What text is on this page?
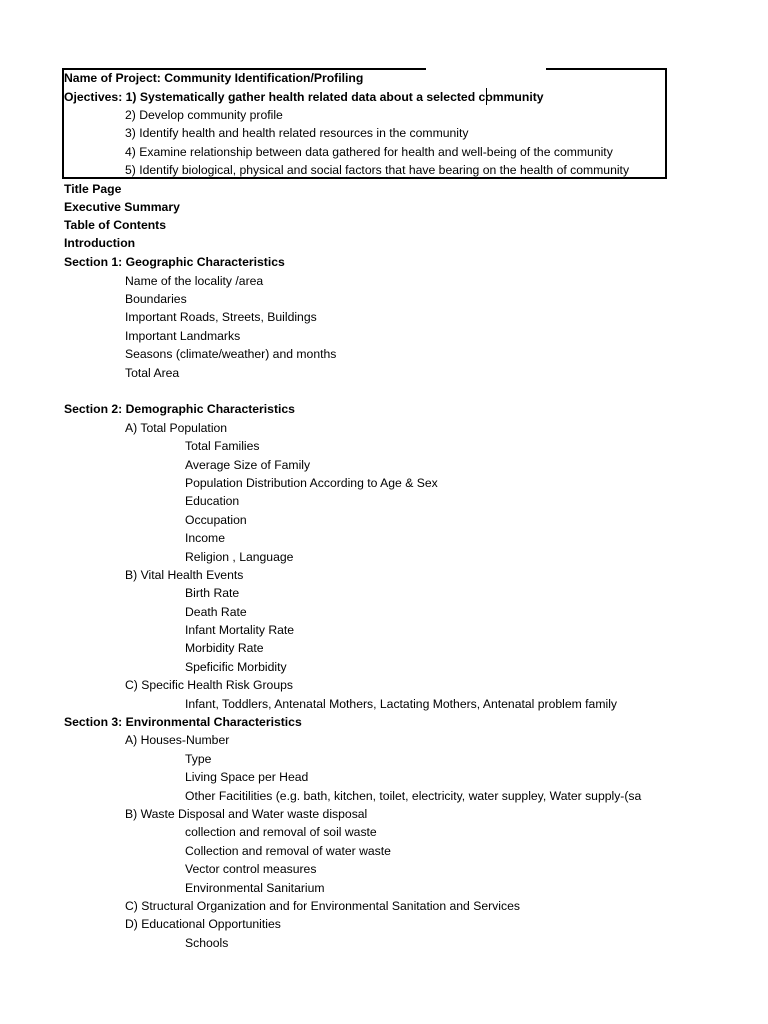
Name of Project: Community Identification/Profiling
Ojectives: 1) Systematically gather health related data about a selected community
2) Develop community profile
3) Identify health and health related resources in the community
4) Examine relationship between data gathered for health and well-being of the community
5) Identify biological, physical and social factors that have bearing on the health of community
Title Page
Executive Summary
Table of Contents
Introduction
Section 1: Geographic Characteristics
Name of the locality /area
Boundaries
Important Roads, Streets, Buildings
Important Landmarks
Seasons (climate/weather) and months
Total Area
Section 2: Demographic Characteristics
A) Total Population
Total Families
Average Size of Family
Population Distribution According to Age & Sex
Education
Occupation
Income
Religion , Language
B) Vital Health Events
Birth Rate
Death Rate
Infant Mortality Rate
Morbidity Rate
Speficific Morbidity
C) Specific Health Risk Groups
Infant, Toddlers, Antenatal Mothers, Lactating Mothers, Antenatal problem family
Section 3: Environmental Characteristics
A) Houses-Number
Type
Living Space per Head
Other Facitilities (e.g. bath, kitchen, toilet, electricity, water suppley, Water supply-(sa
B) Waste Disposal and Water waste disposal
collection and removal of soil waste
Collection and removal of water waste
Vector control measures
Environmental Sanitarium
C) Structural Organization and for Environmental Sanitation and Services
D) Educational Opportunities
Schools
